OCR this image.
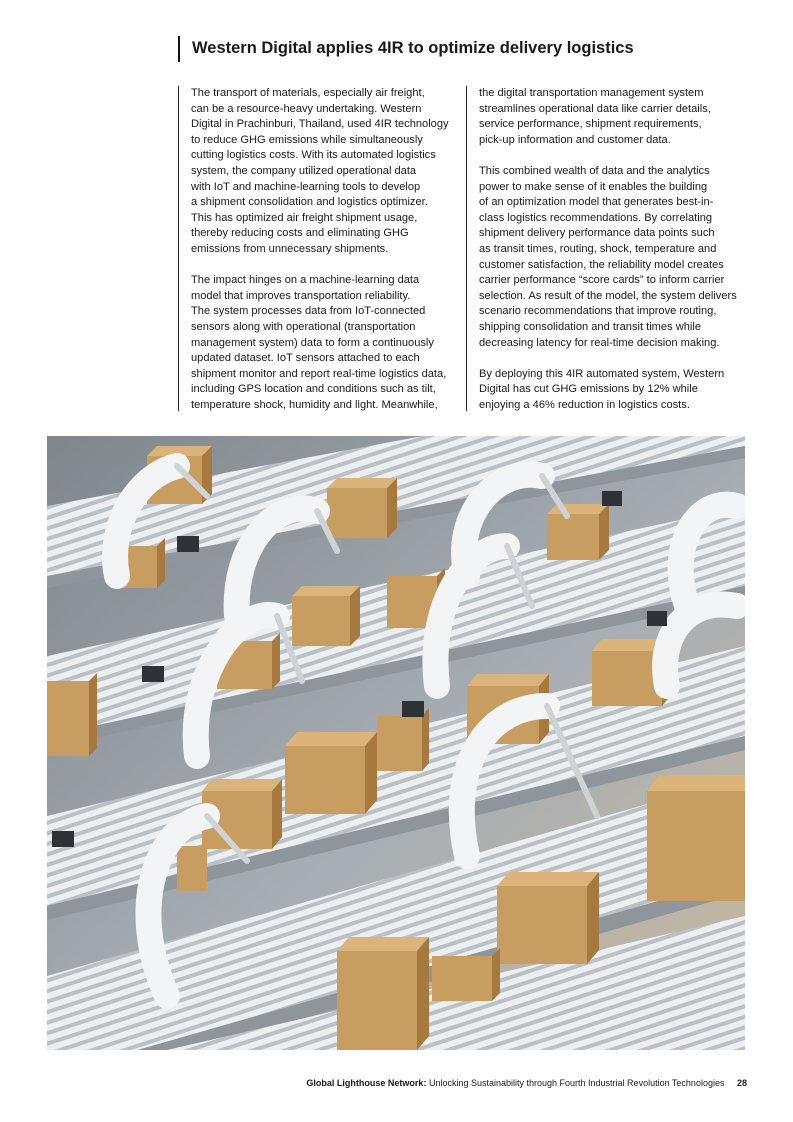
Western Digital applies 4IR to optimize delivery logistics

The transport of materials, especially air freight,
can be a resource-heavy undertaking. Western
Digital in Prachinburi, Thailand, used 4IR technology
to reduce GHG emissions while simultaneously
cutting logistics costs. With its automated logistics
system, the company utilized operational data
with IoT and machine-learning tools to develop
a shipment consolidation and logistics optimizer.
This has optimized air freight shipment usage,
thereby reducing costs and eliminating GHG
emissions from unnecessary shipments.

The impact hinges on a machine-learning data
model that improves transportation reliability.
The system processes data from IoT-connected
sensors along with operational (transportation
management system) data to form a continuously
updated dataset. IoT sensors attached to each
shipment monitor and report real-time logistics data,
including GPS location and conditions such as tilt,
temperature shock, humidity and light. Meanwhile,

the digital transportation management system
streamlines operational data like carrier details,
service performance, shipment requirements,
pick-up information and customer data.

This combined wealth of data and the analytics
power to make sense of it enables the building
of an optimization model that generates best-in-
class logistics recommendations. By correlating
shipment delivery performance data points such
as transit times, routing, shock, temperature and
customer satisfaction, the reliability model creates
carrier performance “score cards” to inform carrier
selection. As result of the model, the system delivers
scenario recommendations that improve routing,
shipping consolidation and transit times while
decreasing latency for real-time decision making.

By deploying this 4IR automated system, Western
Digital has cut GHG emissions by 12% while
enjoying a 46% reduction in logistics costs.

Global Lighthouse Network: Unlocking Sustainability through Fourth Industrial Revolution Technologies 28
